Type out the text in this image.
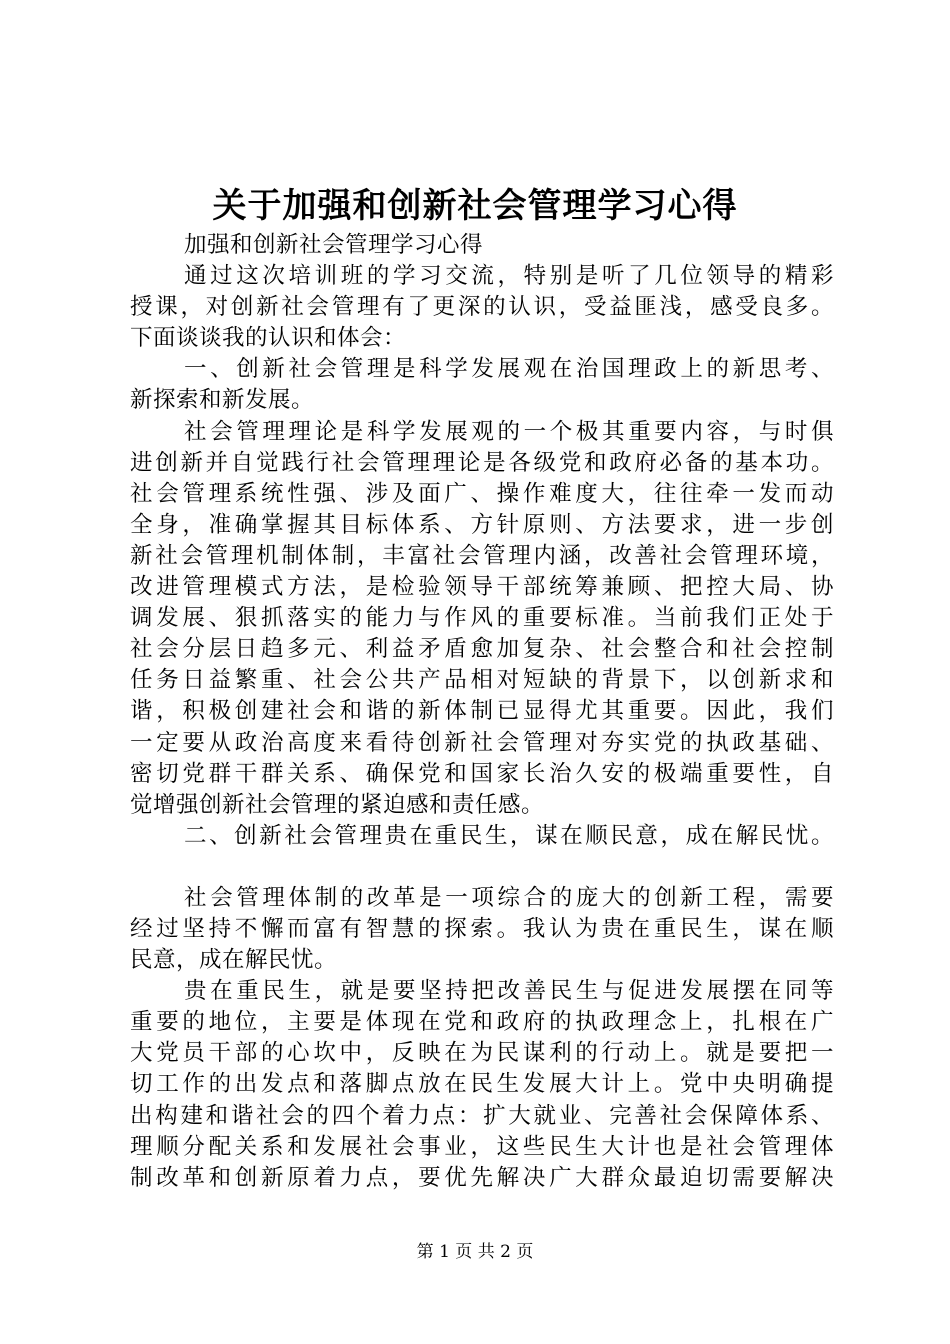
关于加强和创新社会管理学习心得
加强和创新社会管理学习心得
通过这次培训班的学习交流，特别是听了几位领导的精彩
授课，对创新社会管理有了更深的认识，受益匪浅，感受良多。
下面谈谈我的认识和体会：
一、创新社会管理是科学发展观在治国理政上的新思考、
新探索和新发展。
社会管理理论是科学发展观的一个极其重要内容，与时俱
进创新并自觉践行社会管理理论是各级党和政府必备的基本功。
社会管理系统性强、涉及面广、操作难度大，往往牵一发而动
全身，准确掌握其目标体系、方针原则、方法要求，进一步创
新社会管理机制体制，丰富社会管理内涵，改善社会管理环境，
改进管理模式方法，是检验领导干部统筹兼顾、把控大局、协
调发展、狠抓落实的能力与作风的重要标准。当前我们正处于
社会分层日趋多元、利益矛盾愈加复杂、社会整合和社会控制
任务日益繁重、社会公共产品相对短缺的背景下，以创新求和
谐，积极创建社会和谐的新体制已显得尤其重要。因此，我们
一定要从政治高度来看待创新社会管理对夯实党的执政基础、
密切党群干群关系、确保党和国家长治久安的极端重要性，自
觉增强创新社会管理的紧迫感和责任感。
二、创新社会管理贵在重民生，谋在顺民意，成在解民忧。
社会管理体制的改革是一项综合的庞大的创新工程，需要
经过坚持不懈而富有智慧的探索。我认为贵在重民生，谋在顺
民意，成在解民忧。
贵在重民生，就是要坚持把改善民生与促进发展摆在同等
重要的地位，主要是体现在党和政府的执政理念上，扎根在广
大党员干部的心坎中，反映在为民谋利的行动上。就是要把一
切工作的出发点和落脚点放在民生发展大计上。党中央明确提
出构建和谐社会的四个着力点：扩大就业、完善社会保障体系、
理顺分配关系和发展社会事业，这些民生大计也是社会管理体
制改革和创新原着力点，要优先解决广大群众最迫切需要解决
第 1 页 共 2 页
